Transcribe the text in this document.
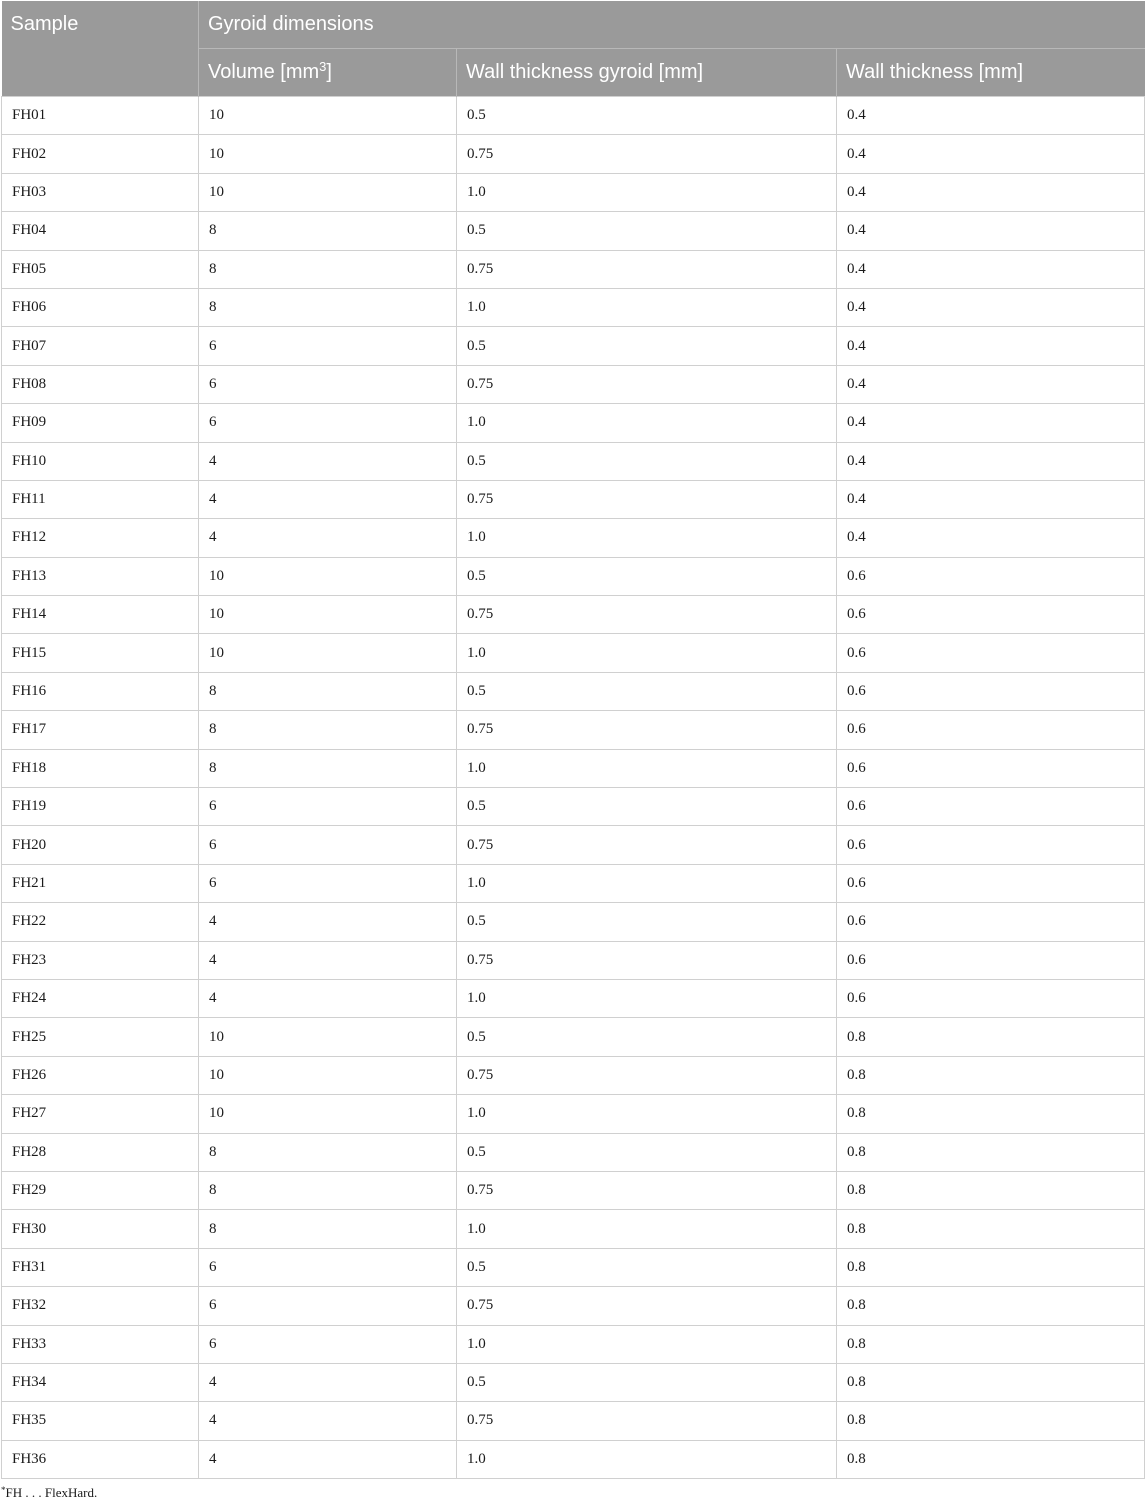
Sample	Gyroid dimensions		
	Volume $[mm^3]$	Wall thickness gyroid [mm]	Wall thickness [mm]
FH01	10	0.5	0.4
FH02	10	0.75	0.4
FH03	10	1.0	0.4
FH04	8	0.5	0.4
FH05	8	0.75	0.4
FH06	8	1.0	0.4
FH07	6	0.5	0.4
FH08	6	0.75	0.4
FH09	6	1.0	0.4
FH10	4	0.5	0.4
FH11	4	0.75	0.4
FH12	4	1.0	0.4
FH13	10	0.5	0.6
FH14	10	0.75	0.6
FH15	10	1.0	0.6
FH16	8	0.5	0.6
FH17	8	0.75	0.6
FH18	8	1.0	0.6
FH19	6	0.5	0.6
FH20	6	0.75	0.6
FH21	6	1.0	0.6
FH22	4	0.5	0.6
FH23	4	0.75	0.6
FH24	4	1.0	0.6
FH25	10	0.5	0.8
FH26	10	0.75	0.8
FH27	10	1.0	0.8
FH28	8	0.5	0.8
FH29	8	0.75	0.8
FH30	8	1.0	0.8
FH31	6	0.5	0.8
FH32	6	0.75	0.8
FH33	6	1.0	0.8
FH34	4	0.5	0.8
FH35	4	0.75	0.8
FH36	4	1.0	0.8
*FH . . . FlexHard.
